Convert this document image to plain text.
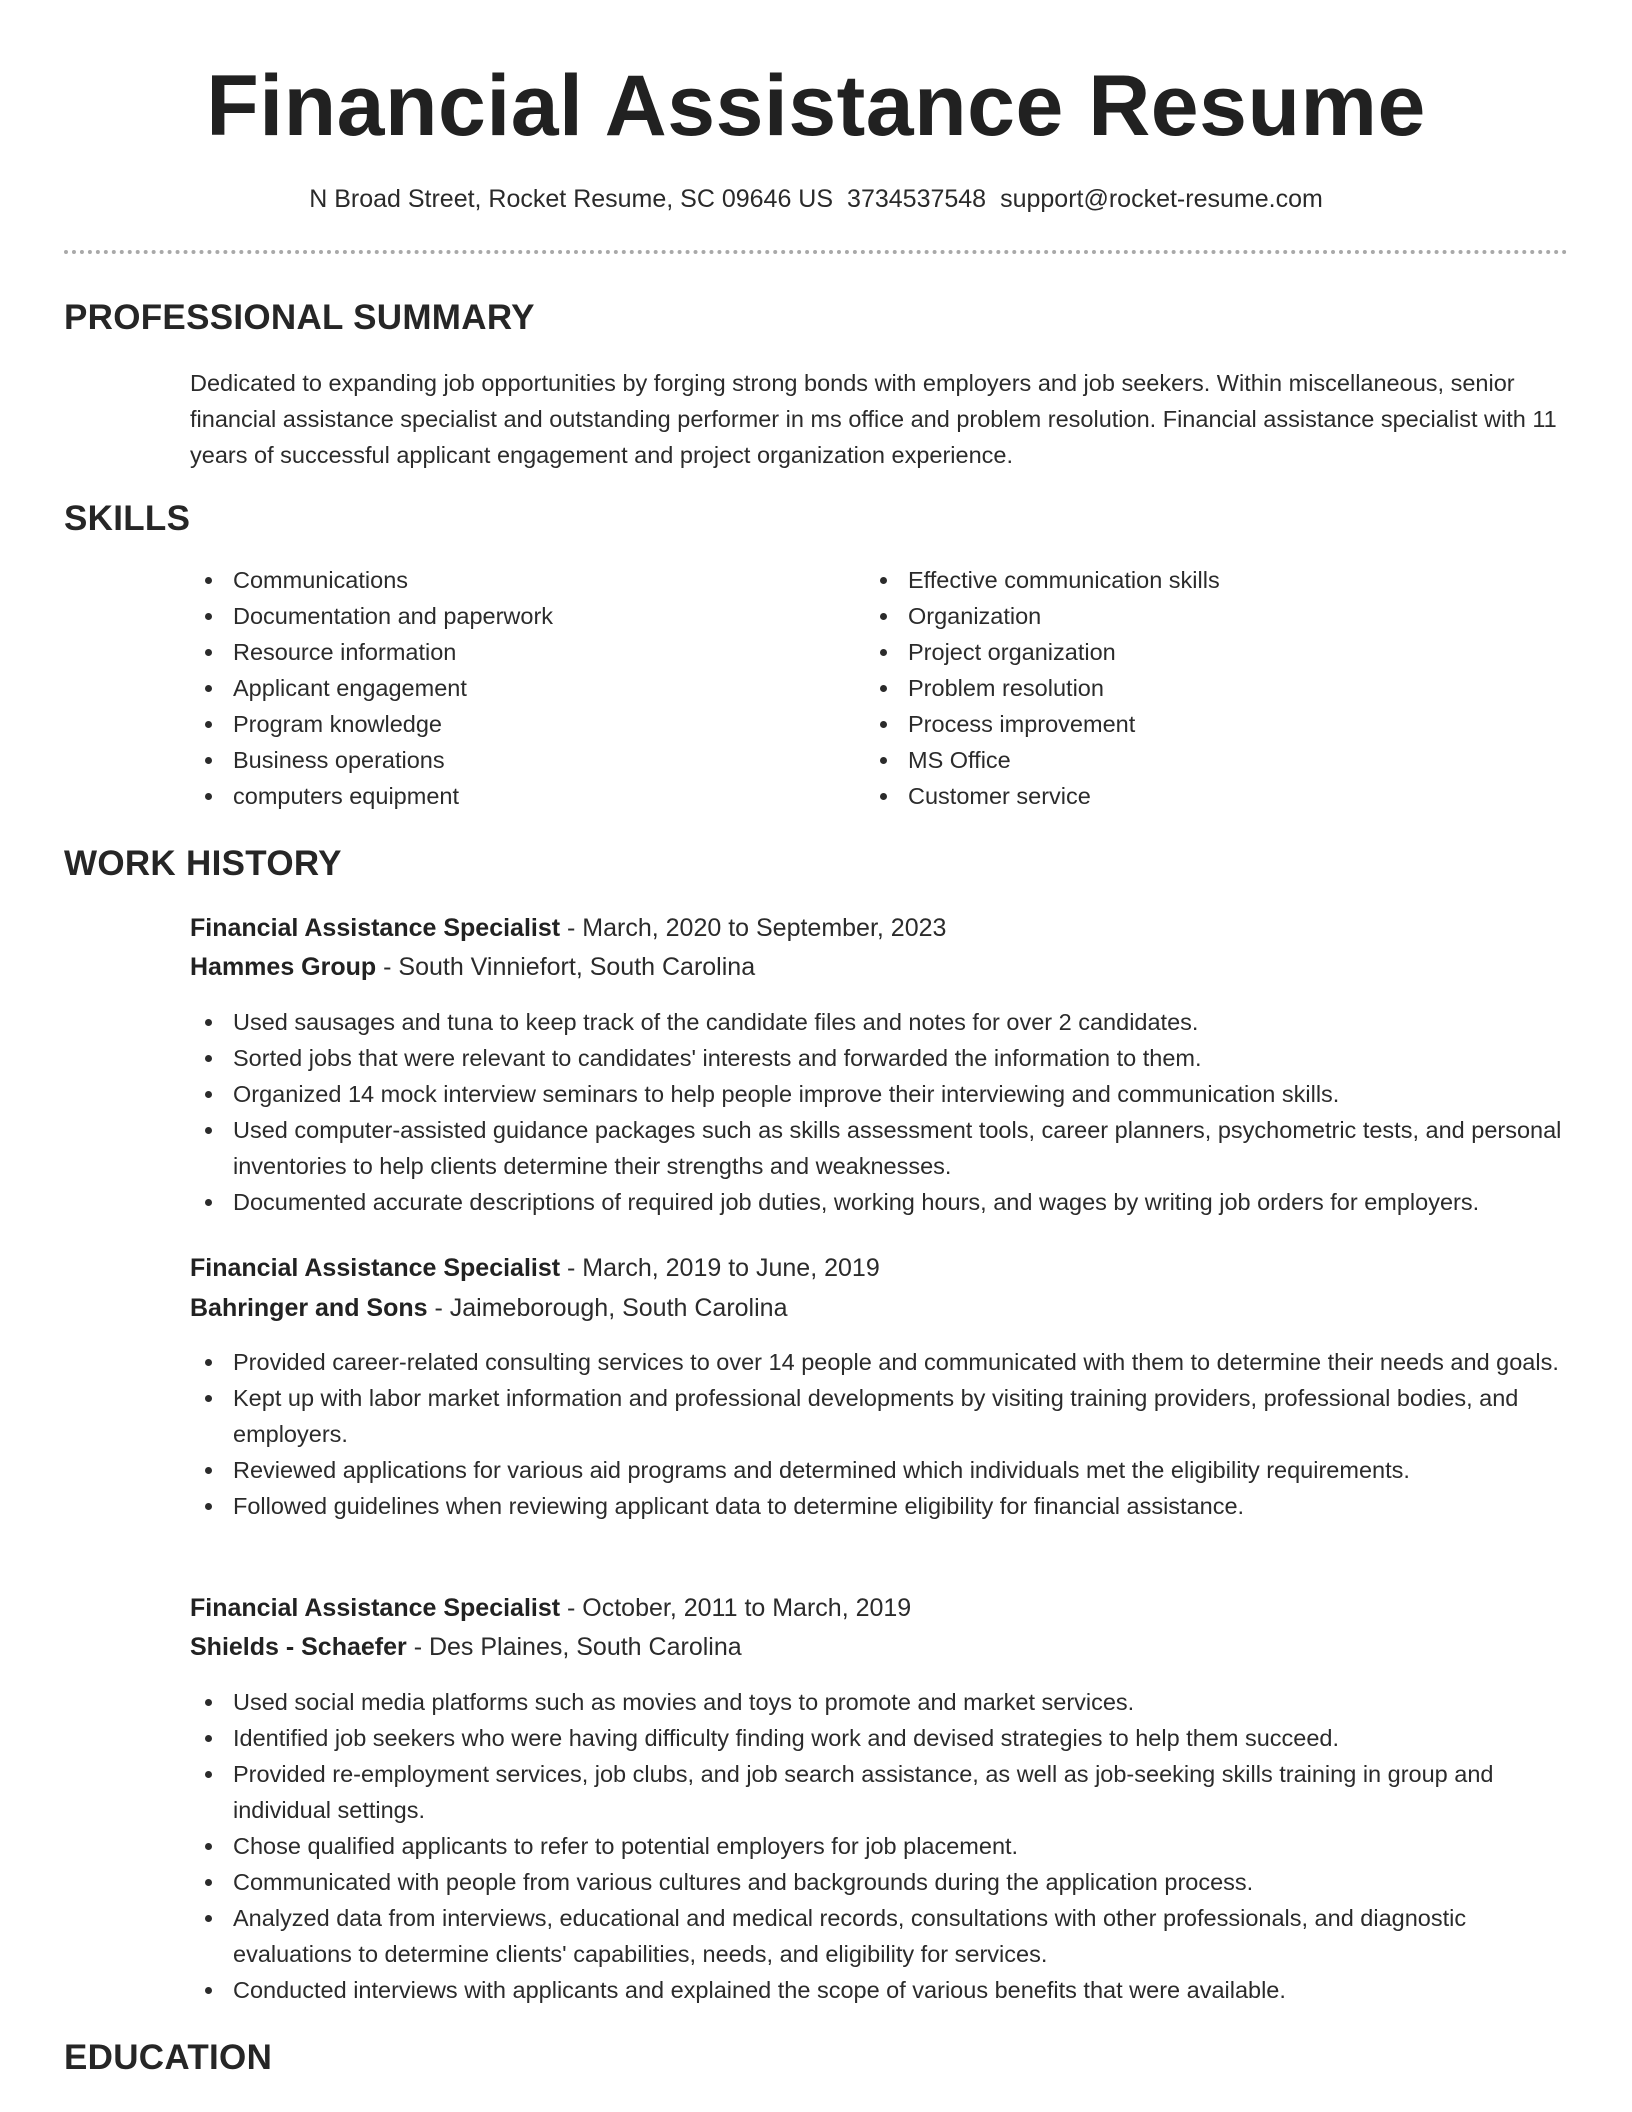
Financial Assistance Resume
N Broad Street, Rocket Resume, SC 09646 US 3734537548 support@rocket-resume.com
PROFESSIONAL SUMMARY

Dedicated to expanding job opportunities by forging strong bonds with employers and job seekers. Within miscellaneous, senior financial assistance specialist and outstanding performer in ms office and problem resolution. Financial assistance specialist with 11 years of successful applicant engagement and project organization experience.

SKILLS
Communications
Documentation and paperwork
Resource information
Applicant engagement
Program knowledge
Business operations
computers equipment
Effective communication skills
Organization
Project organization
Problem resolution
Process improvement
MS Office
Customer service
WORK HISTORY
Financial Assistance Specialist - March, 2020 to September, 2023
Hammes Group - South Vinniefort, South Carolina
Used sausages and tuna to keep track of the candidate files and notes for over 2 candidates.
Sorted jobs that were relevant to candidates' interests and forwarded the information to them.
Organized 14 mock interview seminars to help people improve their interviewing and communication skills.
Used computer-assisted guidance packages such as skills assessment tools, career planners, psychometric tests, and personal inventories to help clients determine their strengths and weaknesses.
Documented accurate descriptions of required job duties, working hours, and wages by writing job orders for employers.
Financial Assistance Specialist - March, 2019 to June, 2019
Bahringer and Sons - Jaimeborough, South Carolina
Provided career-related consulting services to over 14 people and communicated with them to determine their needs and goals.
Kept up with labor market information and professional developments by visiting training providers, professional bodies, and employers.
Reviewed applications for various aid programs and determined which individuals met the eligibility requirements.
Followed guidelines when reviewing applicant data to determine eligibility for financial assistance.
Financial Assistance Specialist - October, 2011 to March, 2019
Shields - Schaefer - Des Plaines, South Carolina
Used social media platforms such as movies and toys to promote and market services.
Identified job seekers who were having difficulty finding work and devised strategies to help them succeed.
Provided re-employment services, job clubs, and job search assistance, as well as job-seeking skills training in group and individual settings.
Chose qualified applicants to refer to potential employers for job placement.
Communicated with people from various cultures and backgrounds during the application process.
Analyzed data from interviews, educational and medical records, consultations with other professionals, and diagnostic evaluations to determine clients' capabilities, needs, and eligibility for services.
Conducted interviews with applicants and explained the scope of various benefits that were available.
EDUCATION
